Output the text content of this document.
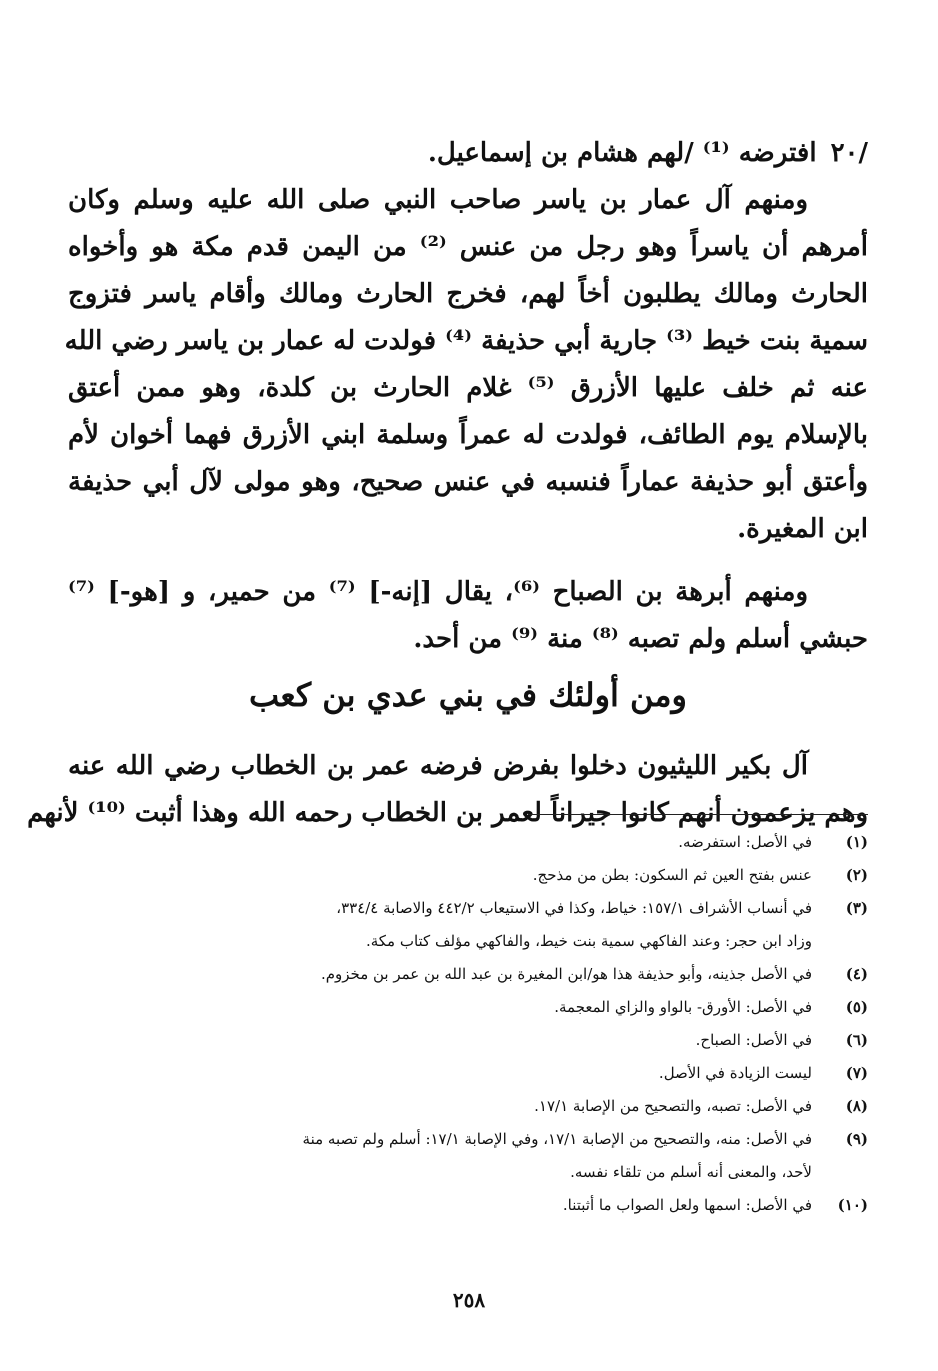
/٢٠افترضه ⁽¹⁾ /لهم هشام بن إسماعيل.
ومنهم آل عمار بن ياسر صاحب النبي صلى الله عليه وسلم وكان
أمرهم أن ياسراً وهو رجل من عنس ⁽²⁾ من اليمن قدم مكة هو وأخواه
الحارث ومالك يطلبون أخاً لهم، فخرج الحارث ومالك وأقام ياسر فتزوج
سمية بنت خيط ⁽³⁾ جارية أبي حذيفة ⁽⁴⁾ فولدت له عمار بن ياسر رضي الله
عنه ثم خلف عليها الأزرق ⁽⁵⁾ غلام الحارث بن كلدة، وهو ممن أعتق
بالإسلام يوم الطائف، فولدت له عمراً وسلمة ابني الأزرق فهما أخوان لأم
وأعتق أبو حذيفة عماراً فنسبه في عنس صحيح، وهو مولى لآل أبي حذيفة
ابن المغيرة.
ومنهم أبرهة بن الصباح ⁽⁶⁾، يقال [إنه-] ⁽⁷⁾ من حمير، و [هو-] ⁽⁷⁾
حبشي أسلم ولم تصبه ⁽⁸⁾ منة ⁽⁹⁾ من أحد.
ومن أولئك في بني عدي بن كعب
آل بكير الليثيون دخلوا بفرض فرضه عمر بن الخطاب رضي الله عنه
وهم يزعمون أنهم كانوا جيراناً لعمر بن الخطاب رحمه الله وهذا أثبت ⁽¹⁰⁾ لأنهم
(١)
في الأصل: استفرضه.
(٢)
عنس بفتح العين ثم السكون: بطن من مذحج.
(٣)
في أنساب الأشراف ١٥٧/١: خياط، وكذا في الاستيعاب ٤٤٢/٢ والاصابة ٣٣٤/٤،
وزاد ابن حجر: وعند الفاكهي سمية بنت خيط، والفاكهي مؤلف كتاب مكة.
(٤)
في الأصل جذينه، وأبو حذيفة هذا هو/ابن المغيرة بن عبد الله بن عمر بن مخزوم.
(٥)
في الأصل: الأورق- بالواو والزاي المعجمة.
(٦)
في الأصل: الصباح.
(٧)
ليست الزيادة في الأصل.
(٨)
في الأصل: تصبه، والتصحيح من الإصابة ١٧/١.
(٩)
في الأصل: منه، والتصحيح من الإصابة ١٧/١، وفي الإصابة ١٧/١: أسلم ولم تصبه منة
لأحد، والمعنى أنه أسلم من تلقاء نفسه.
(١٠)
في الأصل: اسمها ولعل الصواب ما أثبتنا.
٢٥٨
